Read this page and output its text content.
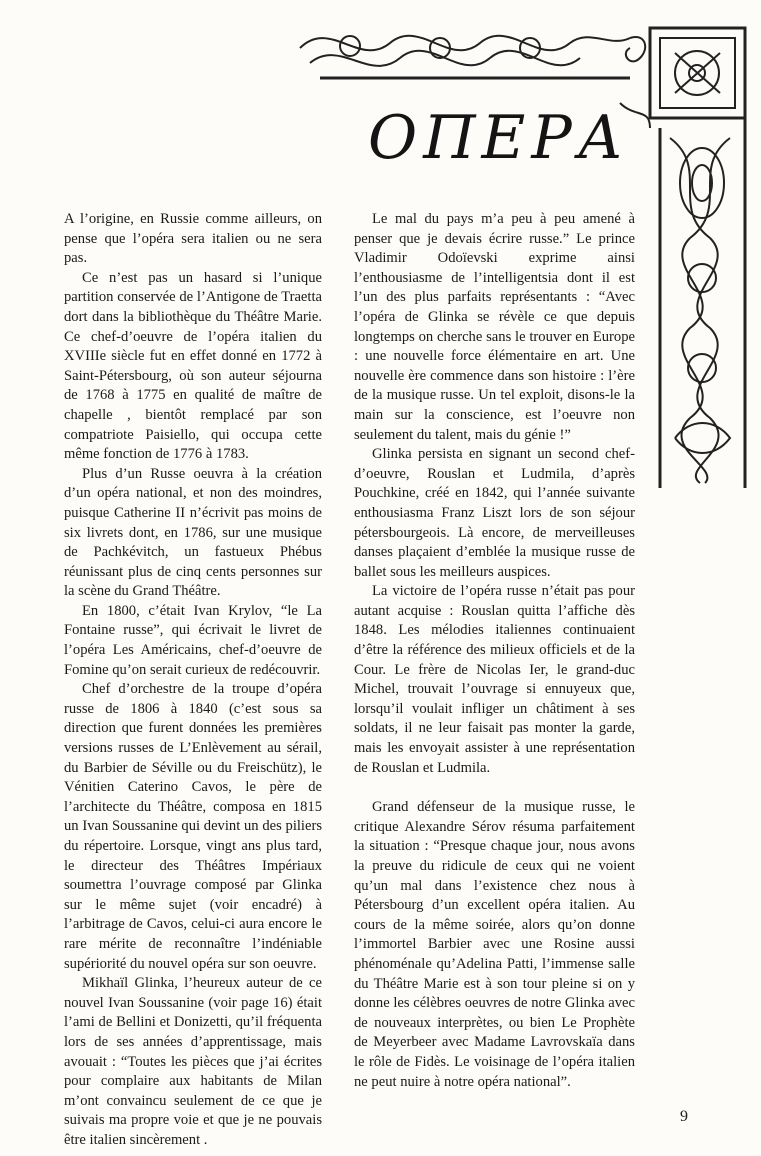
ОПЕРА

A l’origine, en Russie comme ailleurs, on pense que l’opéra sera italien ou ne sera pas.

Ce n’est pas un hasard si l’unique partition conservée de l’Antigone de Traetta dort dans la bibliothèque du Théâtre Marie. Ce chef-d’oeuvre de l’opéra italien du XVIIIe siècle fut en effet donné en 1772 à Saint-Pétersbourg, où son auteur séjourna de 1768 à 1775 en qualité de maître de chapelle , bientôt remplacé par son compatriote Paisiello, qui occupa cette même fonction de 1776 à 1783.

Plus d’un Russe oeuvra à la création d’un opéra national, et non des moindres, puisque Catherine II n’écrivit pas moins de six livrets dont, en 1786, sur une musique de Pachkévitch, un fastueux Phébus réunissant plus de cinq cents personnes sur la scène du Grand Théâtre.

En 1800, c’était Ivan Krylov, “le La Fontaine russe”, qui écrivait le livret de l’opéra Les Américains, chef-d’oeuvre de Fomine qu’on serait curieux de redécouvrir.

Chef d’orchestre de la troupe d’opéra russe de 1806 à 1840 (c’est sous sa direction que furent données les premières versions russes de L’Enlèvement au sérail, du Barbier de Séville ou du Freischütz), le Vénitien Caterino Cavos, le père de l’architecte du Théâtre, composa en 1815 un Ivan Soussanine qui devint un des piliers du répertoire. Lorsque, vingt ans plus tard, le directeur des Théâtres Impériaux soumettra l’ouvrage composé par Glinka sur le même sujet (voir encadré) à l’arbitrage de Cavos, celui-ci aura encore le rare mérite de reconnaître l’indéniable supériorité du nouvel opéra sur son oeuvre.

Mikhaïl Glinka, l’heureux auteur de ce nouvel Ivan Soussanine (voir page 16) était l’ami de Bellini et Donizetti, qu’il fréquenta lors de ses années d’apprentissage, mais avouait : “Toutes les pièces que j’ai écrites pour complaire aux habitants de Milan m’ont convaincu seulement de ce que je suivais ma propre voie et que je ne pouvais être italien sincèrement .

Le mal du pays m’a peu à peu amené à penser que je devais écrire russe.” Le prince Vladimir Odoïevski exprime ainsi l’enthousiasme de l’intelligentsia dont il est l’un des plus parfaits représentants : “Avec l’opéra de Glinka se révèle ce que depuis longtemps on cherche sans le trouver en Europe : une nouvelle force élémentaire en art. Une nouvelle ère commence dans son histoire : l’ère de la musique russe. Un tel exploit, disons-le la main sur la conscience, est l’oeuvre non seulement du talent, mais du génie !”

Glinka persista en signant un second chef-d’oeuvre, Rouslan et Ludmila, d’après Pouchkine, créé en 1842, qui l’année suivante enthousiasma Franz Liszt lors de son séjour pétersbourgeois. Là encore, de merveilleuses danses plaçaient d’emblée la musique russe de ballet sous les meilleurs auspices.

La victoire de l’opéra russe n’était pas pour autant acquise : Rouslan quitta l’affiche dès 1848. Les mélodies italiennes continuaient d’être la référence des milieux officiels et de la Cour. Le frère de Nicolas Ier, le grand-duc Michel, trouvait l’ouvrage si ennuyeux que, lorsqu’il voulait infliger un châtiment à ses soldats, il ne leur faisait pas monter la garde, mais les envoyait assister à une représentation de Rouslan et Ludmila.

Grand défenseur de la musique russe, le critique Alexandre Sérov résuma parfaitement la situation : “Presque chaque jour, nous avons la preuve du ridicule de ceux qui ne voient qu’un mal dans l’existence chez nous à Pétersbourg d’un excellent opéra italien. Au cours de la même soirée, alors qu’on donne l’immortel Barbier avec une Rosine aussi phénoménale qu’Adelina Patti, l’immense salle du Théâtre Marie est à son tour pleine si on y donne les célèbres oeuvres de notre Glinka avec de nouveaux interprètes, ou bien Le Prophète de Meyerbeer avec Madame Lavrovskaïa dans le rôle de Fidès. Le voisinage de l’opéra italien ne peut nuire à notre opéra national”.

9
